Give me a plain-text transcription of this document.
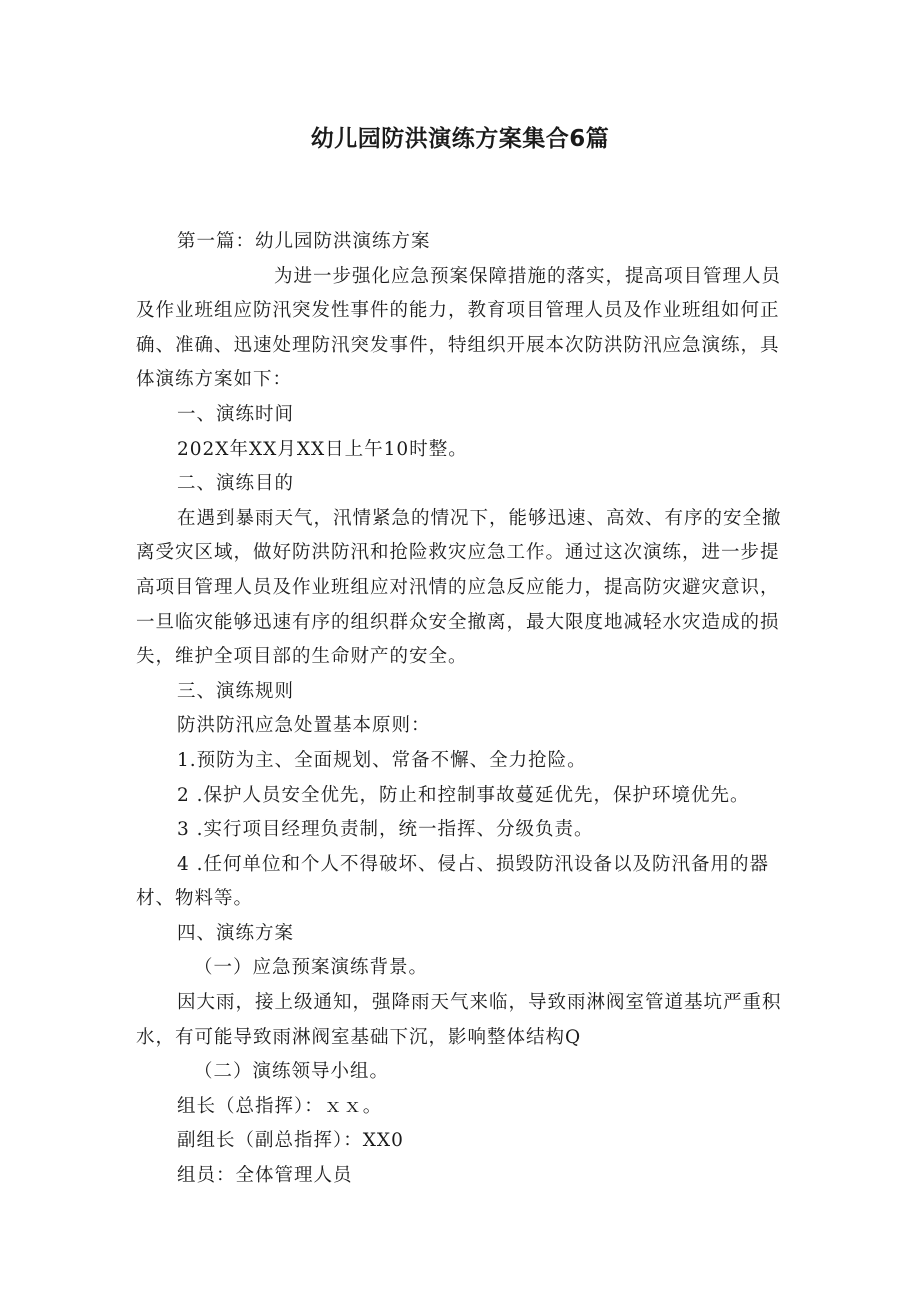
幼儿园防洪演练方案集合6篇

第一篇：幼儿园防洪演练方案

为进一步强化应急预案保障措施的落实，提高项目管理人员及作业班组应防汛突发性事件的能力，教育项目管理人员及作业班组如何正确、准确、迅速处理防汛突发事件，特组织开展本次防洪防汛应急演练，具体演练方案如下：

一、演练时间

202X年XX月XX日上午10时整。

二、演练目的

在遇到暴雨天气，汛情紧急的情况下，能够迅速、高效、有序的安全撤离受灾区域，做好防洪防汛和抢险救灾应急工作。通过这次演练，进一步提高项目管理人员及作业班组应对汛情的应急反应能力，提高防灾避灾意识，一旦临灾能够迅速有序的组织群众安全撤离，最大限度地减轻水灾造成的损失，维护全项目部的生命财产的安全。

三、演练规则

防洪防汛应急处置基本原则：

1.预防为主、全面规划、常备不懈、全力抢险。

2 .保护人员安全优先，防止和控制事故蔓延优先，保护环境优先。

3 .实行项目经理负责制，统一指挥、分级负责。

4 .任何单位和个人不得破坏、侵占、损毁防汛设备以及防汛备用的器材、物料等。

四、演练方案

（一）应急预案演练背景。

因大雨，接上级通知，强降雨天气来临，导致雨淋阀室管道基坑严重积水，有可能导致雨淋阀室基础下沉，影响整体结构Q

（二）演练领导小组。

组长（总指挥）：ｘｘ。

副组长（副总指挥）：XX0

组员：全体管理人员
